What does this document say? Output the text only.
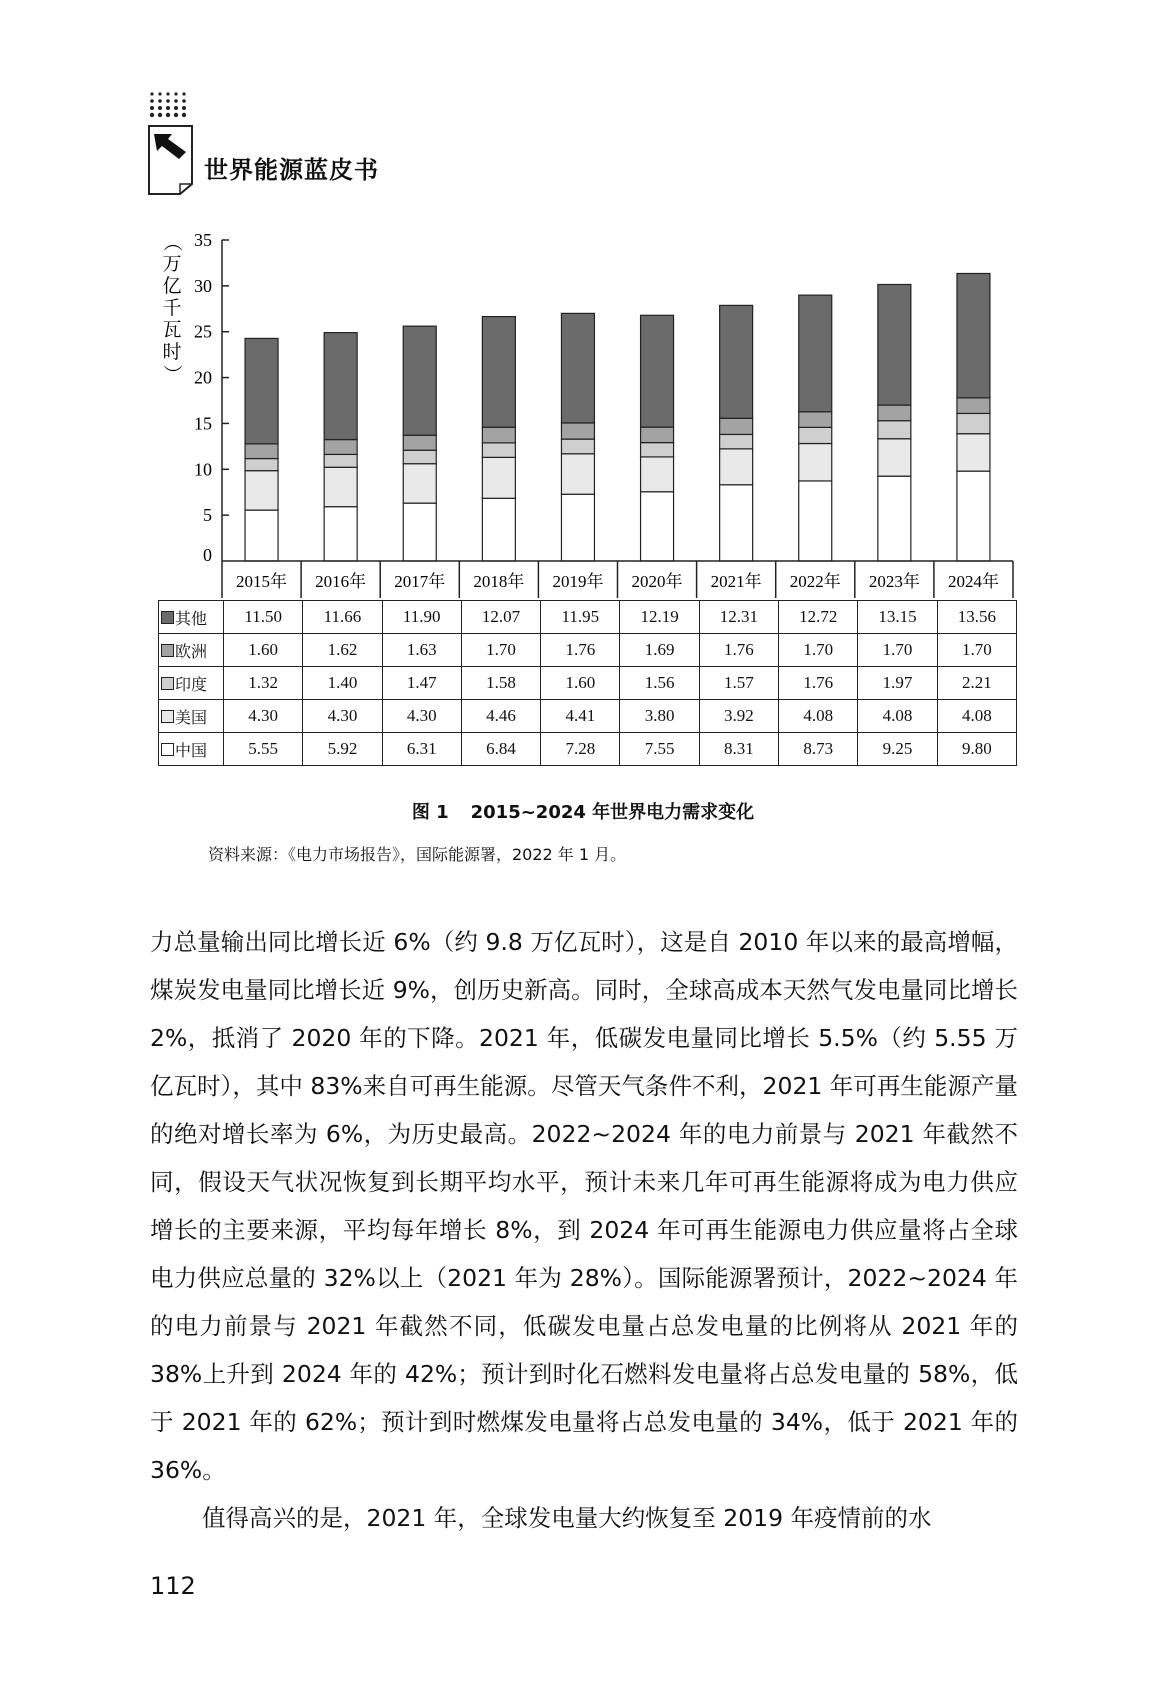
世界能源蓝皮书
（
万
亿
千
瓦
时
）
0
5
10
15
20
25
30
35
2015年 2016年 2017年 2018年 2019年 2020年 2021年 2022年 2023年 2024年
其他	11.50	11.66	11.90	12.07	11.95	12.19	12.31	12.72	13.15	13.56
欧洲	1.60	1.62	1.63	1.70	1.76	1.69	1.76	1.70	1.70	1.70
印度	1.32	1.40	1.47	1.58	1.60	1.56	1.57	1.76	1.97	2.21
美国	4.30	4.30	4.30	4.46	4.41	3.80	3.92	4.08	4.08	4.08
中国	5.55	5.92	6.31	6.84	7.28	7.55	8.31	8.73	9.25	9.80
图 1 2015~2024 年世界电力需求变化
资料来源：《电力市场报告》，国际能源署，2022 年 1 月。

力总量输出同比增长近 6%（约 9.8 万亿瓦时），这是自 2010 年以来的最高增幅，煤炭发电量同比增长近 9%，创历史新高。同时，全球高成本天然气发电量同比增长 2%，抵消了 2020 年的下降。2021 年，低碳发电量同比增长 5.5%（约 5.55 万亿瓦时），其中 83%来自可再生能源。尽管天气条件不利，2021 年可再生能源产量的绝对增长率为 6%，为历史最高。2022~2024 年的电力前景与 2021 年截然不同，假设天气状况恢复到长期平均水平，预计未来几年可再生能源将成为电力供应增长的主要来源，平均每年增长 8%，到 2024 年可再生能源电力供应量将占全球电力供应总量的 32%以上（2021 年为 28%）。国际能源署预计，2022~2024 年的电力前景与 2021 年截然不同，低碳发电量占总发电量的比例将从 2021 年的 38%上升到 2024 年的 42%；预计到时化石燃料发电量将占总发电量的 58%，低于 2021 年的 62%；预计到时燃煤发电量将占总发电量的 34%，低于 2021 年的 36%。

值得高兴的是，2021 年，全球发电量大约恢复至 2019 年疫情前的水

112
